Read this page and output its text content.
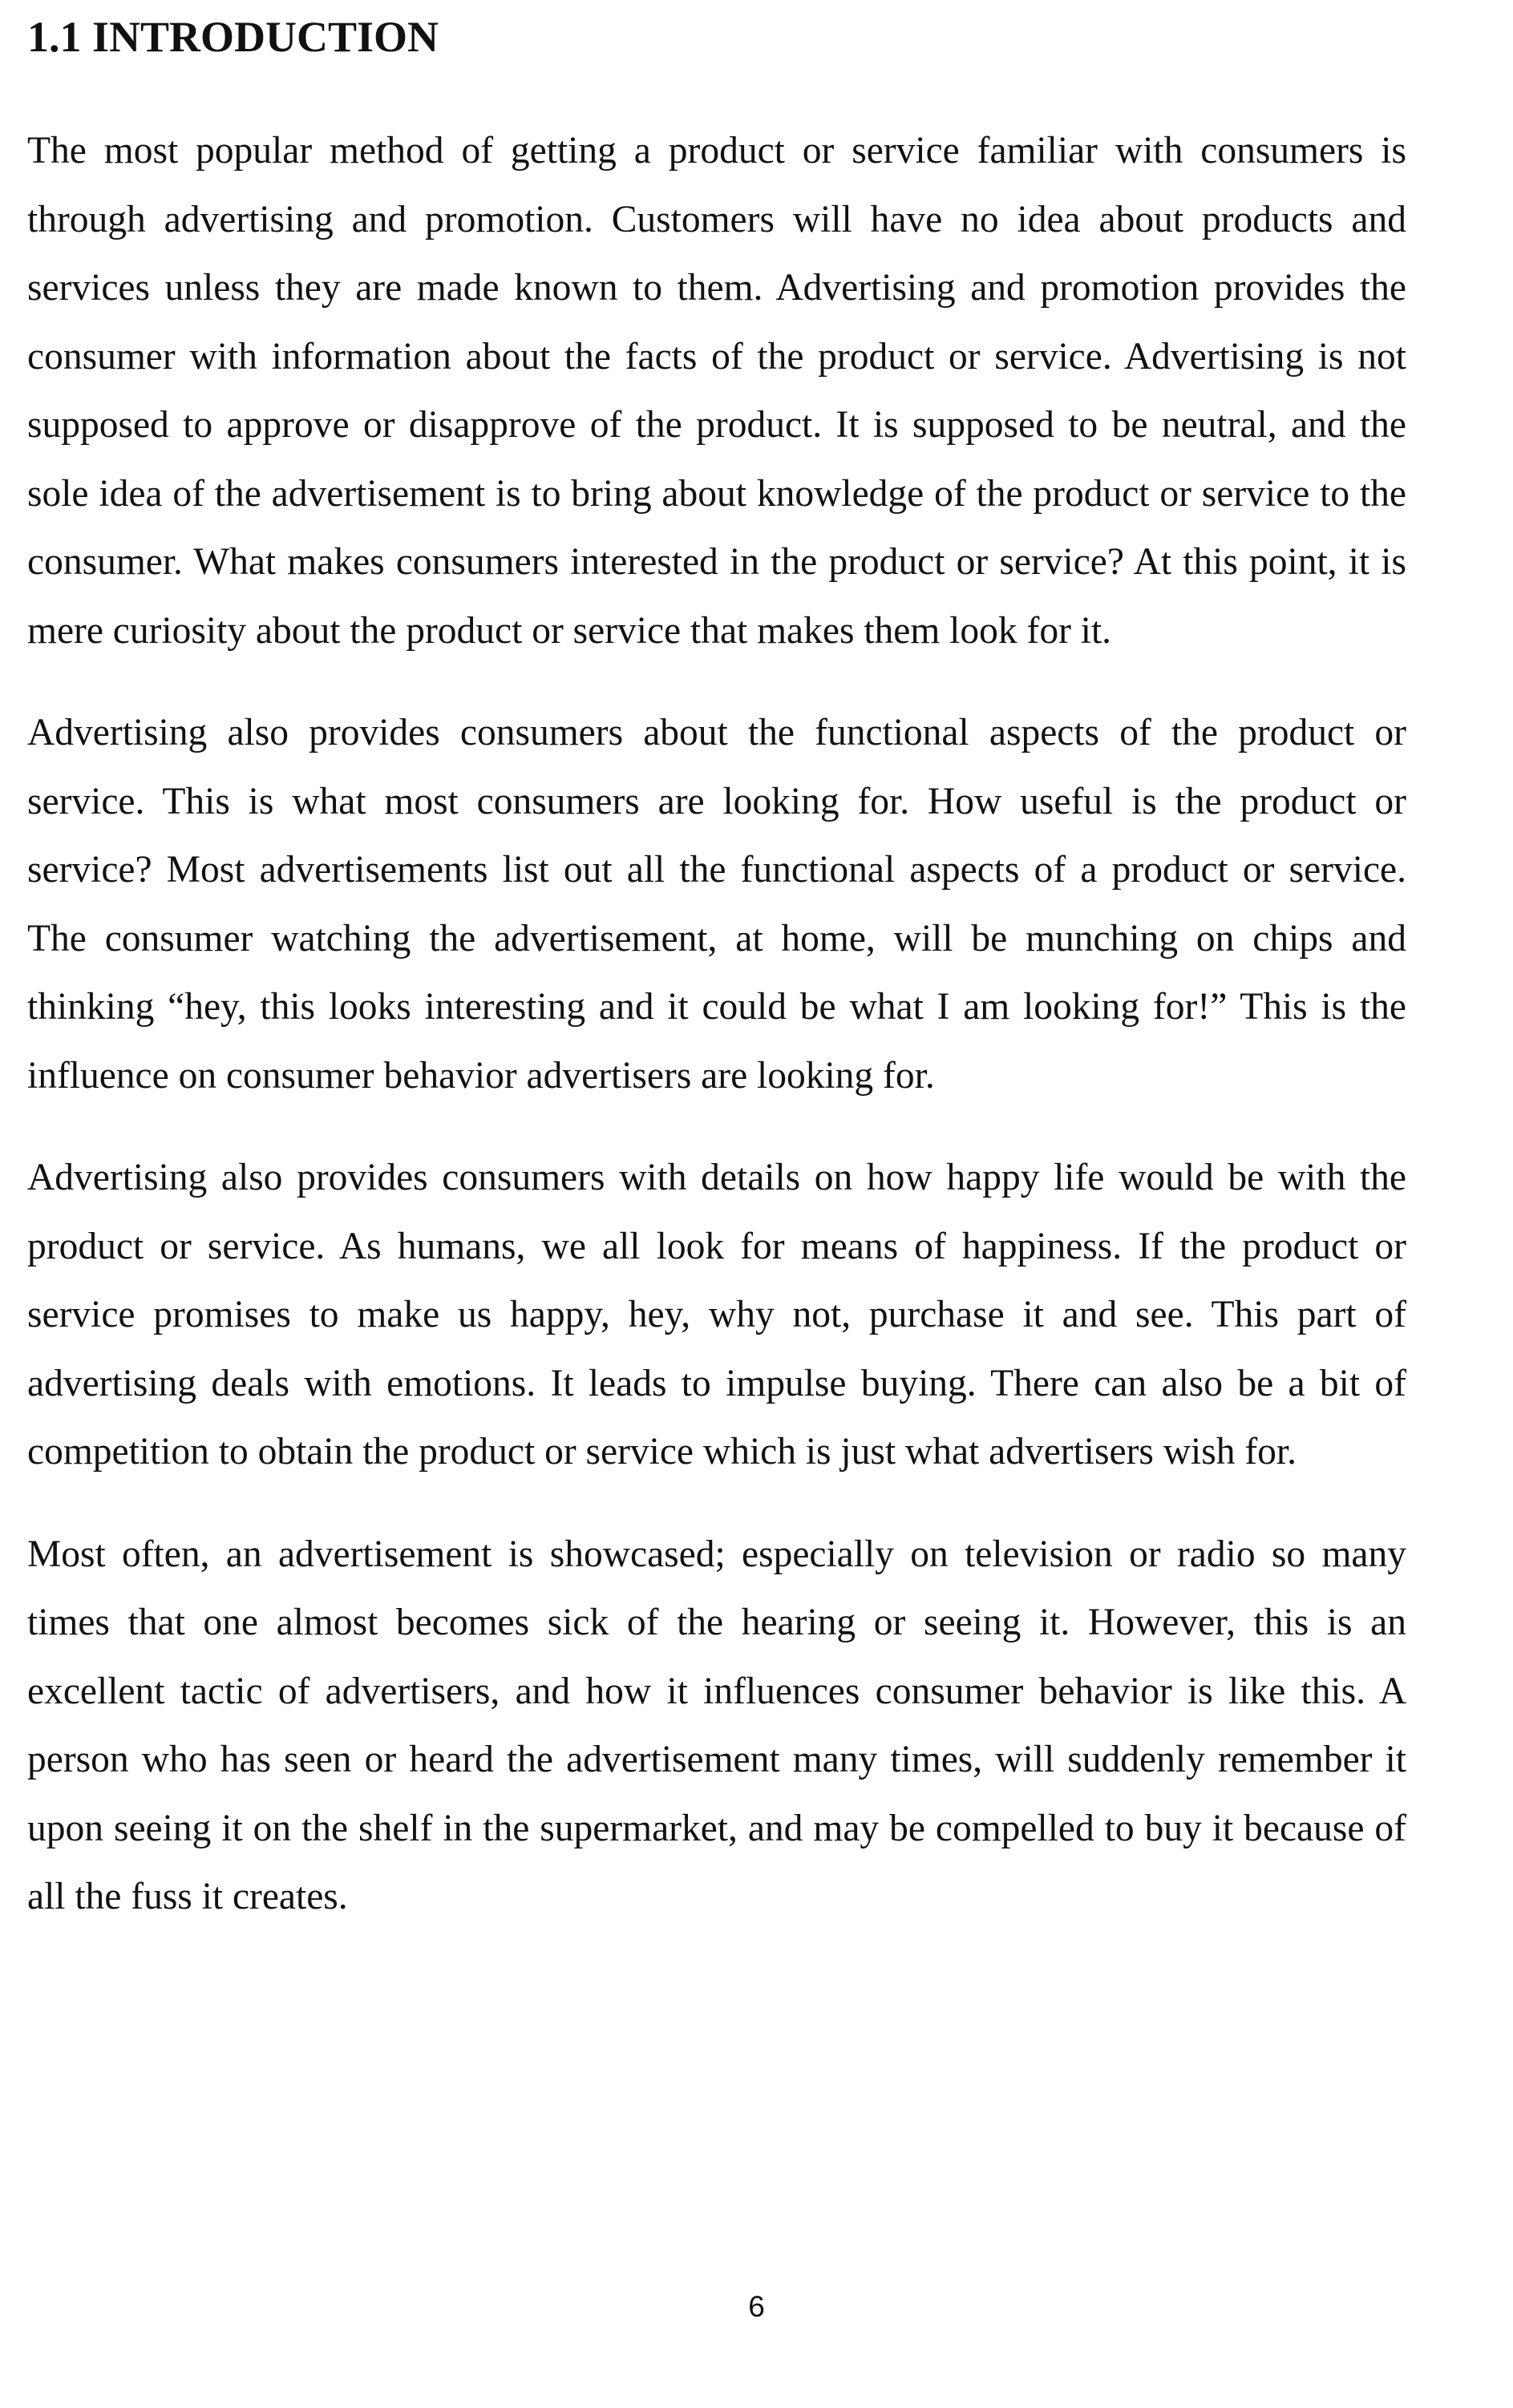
1.1 INTRODUCTION

The most popular method of getting a product or service familiar with consumers is through advertising and promotion. Customers will have no idea about products and services unless they are made known to them. Advertising and promotion provides the consumer with information about the facts of the product or service. Advertising is not supposed to approve or disapprove of the product. It is supposed to be neutral, and the sole idea of the advertisement is to bring about knowledge of the product or service to the consumer. What makes consumers interested in the product or service? At this point, it is mere curiosity about the product or service that makes them look for it.

Advertising also provides consumers about the functional aspects of the product or service. This is what most consumers are looking for. How useful is the product or service? Most advertisements list out all the functional aspects of a product or service. The consumer watching the advertisement, at home, will be munching on chips and thinking “hey, this looks interesting and it could be what I am looking for!” This is the influence on consumer behavior advertisers are looking for.

Advertising also provides consumers with details on how happy life would be with the product or service. As humans, we all look for means of happiness. If the product or service promises to make us happy, hey, why not, purchase it and see. This part of advertising deals with emotions. It leads to impulse buying. There can also be a bit of competition to obtain the product or service which is just what advertisers wish for.

Most often, an advertisement is showcased; especially on television or radio so many times that one almost becomes sick of the hearing or seeing it. However, this is an excellent tactic of advertisers, and how it influences consumer behavior is like this. A person who has seen or heard the advertisement many times, will suddenly remember it upon seeing it on the shelf in the supermarket, and may be compelled to buy it because of all the fuss it creates.

6
